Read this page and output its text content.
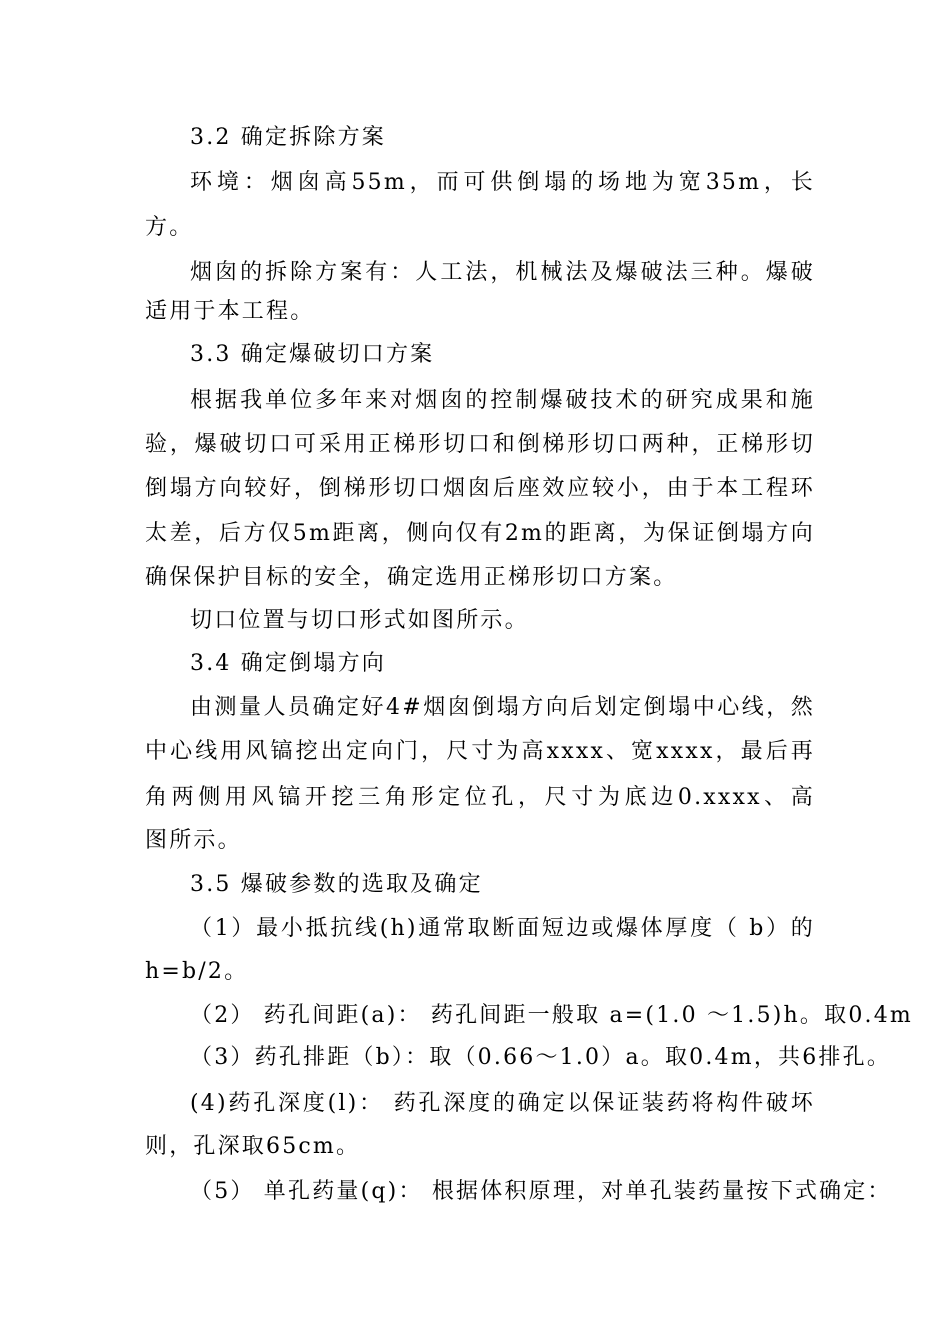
3.2 确定拆除方案
环境：烟囱高55m，而可供倒塌的场地为宽35m，长
方。
烟囱的拆除方案有：人工法，机械法及爆破法三种。爆破
适用于本工程。
3.3 确定爆破切口方案
根据我单位多年来对烟囱的控制爆破技术的研究成果和施
验，爆破切口可采用正梯形切口和倒梯形切口两种，正梯形切
倒塌方向较好，倒梯形切口烟囱后座效应较小，由于本工程环
太差，后方仅5m距离，侧向仅有2m的距离，为保证倒塌方向
确保保护目标的安全，确定选用正梯形切口方案。
切口位置与切口形式如图所示。
3.4 确定倒塌方向
由测量人员确定好4#烟囱倒塌方向后划定倒塌中心线，然
中心线用风镐挖出定向门，尺寸为高xxxx、宽xxxx，最后再
角两侧用风镐开挖三角形定位孔，尺寸为底边0.xxxx、高
图所示。
3.5 爆破参数的选取及确定
（1）最小抵抗线(h)通常取断面短边或爆体厚度（ b）的
h=b/2。
（2） 药孔间距(a)： 药孔间距一般取 a=(1.0 ～1.5)h。取0.4m
（3）药孔排距（b）：取（0.66～1.0）a。取0.4m，共6排孔。
(4)药孔深度(l)： 药孔深度的确定以保证装药将构件破坏
则，孔深取65cm。
（5） 单孔药量(q)： 根据体积原理，对单孔装药量按下式确定：
